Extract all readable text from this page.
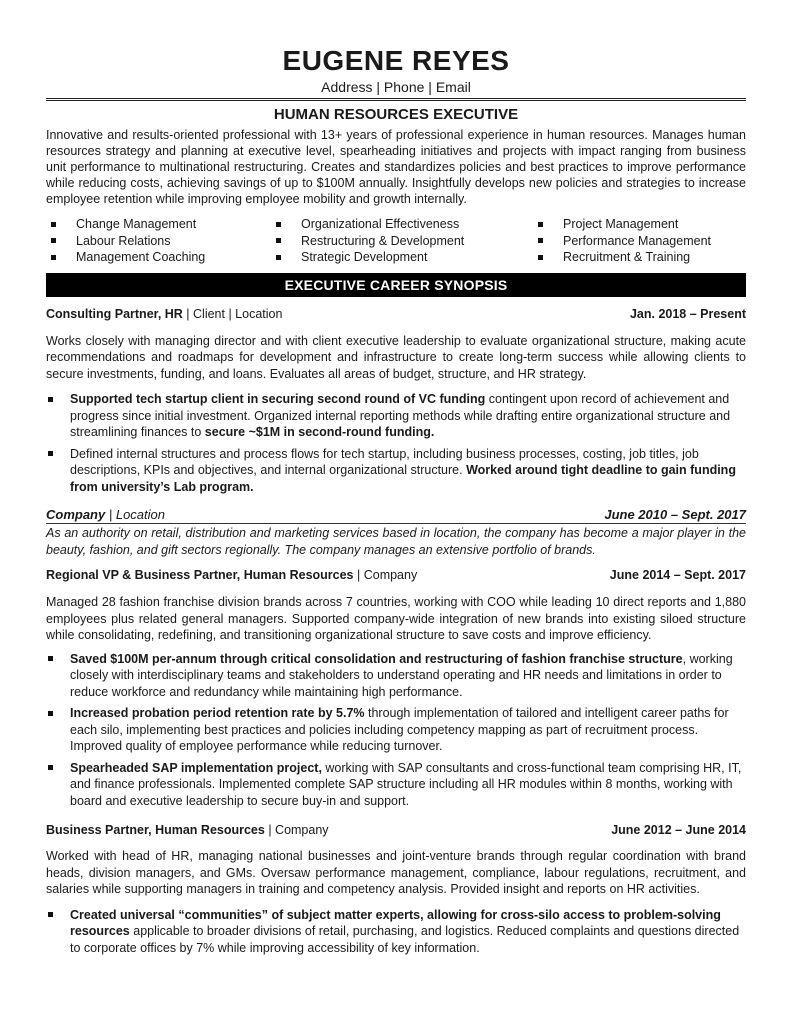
EUGENE REYES
Address | Phone | Email
HUMAN RESOURCES EXECUTIVE

Innovative and results-oriented professional with 13+ years of professional experience in human resources. Manages human resources strategy and planning at executive level, spearheading initiatives and projects with impact ranging from business unit performance to multinational restructuring. Creates and standardizes policies and best practices to improve performance while reducing costs, achieving savings of up to $100M annually. Insightfully develops new policies and strategies to increase employee retention while improving employee mobility and growth internally.

Change Management
Labour Relations
Management Coaching
Organizational Effectiveness
Restructuring & Development
Strategic Development
Project Management
Performance Management
Recruitment & Training
EXECUTIVE CAREER SYNOPSIS
Consulting Partner, HR | Client | Location	Jan. 2018 – Present

Works closely with managing director and with client executive leadership to evaluate organizational structure, making acute recommendations and roadmaps for development and infrastructure to create long-term success while allowing clients to secure investments, funding, and loans. Evaluates all areas of budget, structure, and HR strategy.

Supported tech startup client in securing second round of VC funding contingent upon record of achievement and progress since initial investment. Organized internal reporting methods while drafting entire organizational structure and streamlining finances to secure ~$1M in second-round funding.
Defined internal structures and process flows for tech startup, including business processes, costing, job titles, job descriptions, KPIs and objectives, and internal organizational structure. Worked around tight deadline to gain funding from university’s Lab program.
Company | Location	June 2010 – Sept. 2017

As an authority on retail, distribution and marketing services based in location, the company has become a major player in the beauty, fashion, and gift sectors regionally. The company manages an extensive portfolio of brands.

Regional VP & Business Partner, Human Resources | Company	June 2014 – Sept. 2017

Managed 28 fashion franchise division brands across 7 countries, working with COO while leading 10 direct reports and 1,880 employees plus related general managers. Supported company-wide integration of new brands into existing siloed structure while consolidating, redefining, and transitioning organizational structure to save costs and improve efficiency.

Saved $100M per-annum through critical consolidation and restructuring of fashion franchise structure, working closely with interdisciplinary teams and stakeholders to understand operating and HR needs and limitations in order to reduce workforce and redundancy while maintaining high performance.
Increased probation period retention rate by 5.7% through implementation of tailored and intelligent career paths for each silo, implementing best practices and policies including competency mapping as part of recruitment process. Improved quality of employee performance while reducing turnover.
Spearheaded SAP implementation project, working with SAP consultants and cross-functional team comprising HR, IT, and finance professionals. Implemented complete SAP structure including all HR modules within 8 months, working with board and executive leadership to secure buy-in and support.
Business Partner, Human Resources | Company	June 2012 – June 2014

Worked with head of HR, managing national businesses and joint-venture brands through regular coordination with brand heads, division managers, and GMs. Oversaw performance management, compliance, labour regulations, recruitment, and salaries while supporting managers in training and competency analysis. Provided insight and reports on HR activities.

Created universal “communities” of subject matter experts, allowing for cross-silo access to problem-solving resources applicable to broader divisions of retail, purchasing, and logistics. Reduced complaints and questions directed to corporate offices by 7% while improving accessibility of key information.
